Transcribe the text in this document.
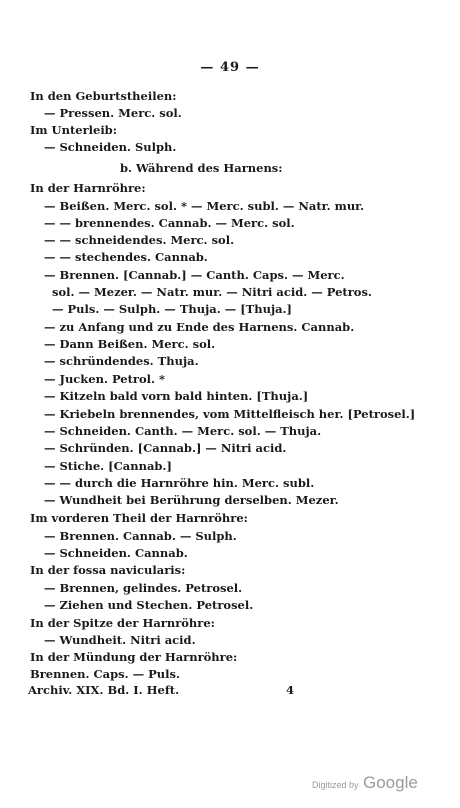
— 49 —
In den Geburtstheilen:
— Pressen. Merc. sol.
Im Unterleib:
— Schneiden. Sulph.
b. Während des Harnens:
In der Harnröhre:
— Beißen. Merc. sol. * — Merc. subl. — Natr. mur.
— — brennendes. Cannab. — Merc. sol.
— — schneidendes. Merc. sol.
— — stechendes. Cannab.
— Brennen. [Cannab.] — Canth. Caps. — Merc.
sol. — Mezer. — Natr. mur. — Nitri acid. — Petros.
— Puls. — Sulph. — Thuja. — [Thuja.]
— zu Anfang und zu Ende des Harnens. Cannab.
— Dann Beißen. Merc. sol.
— schründendes. Thuja.
— Jucken. Petrol. *
— Kitzeln bald vorn bald hinten. [Thuja.]
— Kriebeln brennendes, vom Mittelfleisch her. [Petrosel.]
— Schneiden. Canth. — Merc. sol. — Thuja.
— Schründen. [Cannab.] — Nitri acid.
— Stiche. [Cannab.]
— — durch die Harnröhre hin. Merc. subl.
— Wundheit bei Berührung derselben. Mezer.
Im vorderen Theil der Harnröhre:
— Brennen. Cannab. — Sulph.
— Schneiden. Cannab.
In der fossa navicularis:
— Brennen, gelindes. Petrosel.
— Ziehen und Stechen. Petrosel.
In der Spitze der Harnröhre:
— Wundheit. Nitri acid.
In der Mündung der Harnröhre:
Brennen. Caps. — Puls.
Archiv. XIX. Bd. I. Heft.	4
Digitized by Google
